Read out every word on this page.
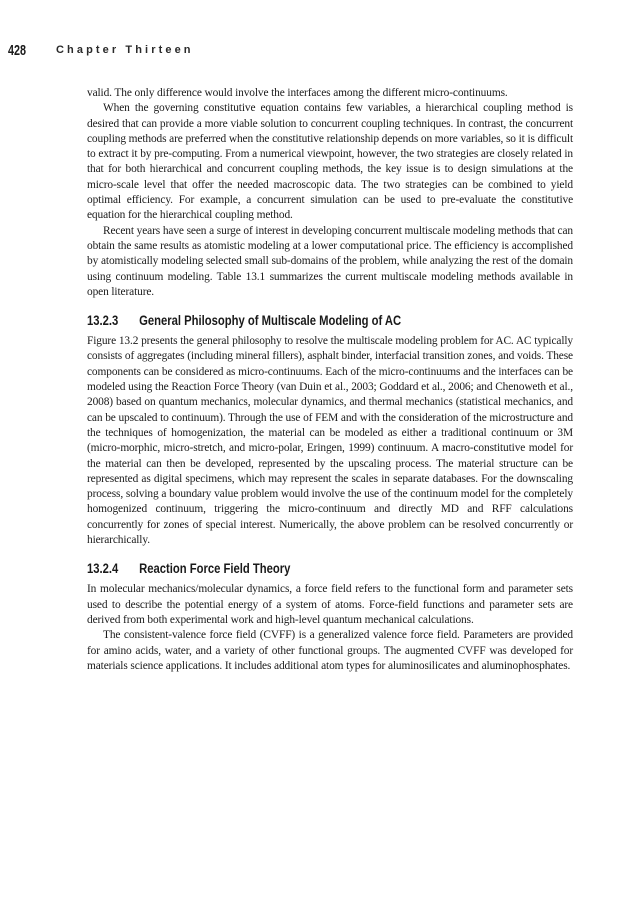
428	Chapter Thirteen

valid. The only difference would involve the interfaces among the different micro-continuums.

When the governing constitutive equation contains few variables, a hierarchical coupling method is desired that can provide a more viable solution to concurrent coupling techniques. In contrast, the concurrent coupling methods are preferred when the constitutive relationship depends on more variables, so it is difficult to extract it by pre-computing. From a numerical viewpoint, however, the two strategies are closely related in that for both hierarchical and concurrent coupling methods, the key issue is to design simulations at the micro-scale level that offer the needed macroscopic data. The two strategies can be combined to yield optimal efficiency. For example, a concurrent simulation can be used to pre-evaluate the constitutive equation for the hierarchical coupling method.

Recent years have seen a surge of interest in developing concurrent multiscale modeling methods that can obtain the same results as atomistic modeling at a lower computational price. The efficiency is accomplished by atomistically modeling selected small sub-domains of the problem, while analyzing the rest of the domain using continuum modeling. Table 13.1 summarizes the current multiscale modeling methods available in open literature.

13.2.3 General Philosophy of Multiscale Modeling of AC

Figure 13.2 presents the general philosophy to resolve the multiscale modeling problem for AC. AC typically consists of aggregates (including mineral fillers), asphalt binder, interfacial transition zones, and voids. These components can be considered as micro-continuums. Each of the micro-continuums and the interfaces can be modeled using the Reaction Force Theory (van Duin et al., 2003; Goddard et al., 2006; and Chenoweth et al., 2008) based on quantum mechanics, molecular dynamics, and thermal mechanics (statistical mechanics, and can be upscaled to continuum). Through the use of FEM and with the consideration of the microstructure and the techniques of homogenization, the material can be modeled as either a traditional continuum or 3M (micro-morphic, micro-stretch, and micro-polar, Eringen, 1999) continuum. A macro-constitutive model for the material can then be developed, represented by the upscaling process. The material structure can be represented as digital specimens, which may represent the scales in separate databases. For the downscaling process, solving a boundary value problem would involve the use of the continuum model for the completely homogenized continuum, triggering the micro-continuum and directly MD and RFF calculations concurrently for zones of special interest. Numerically, the above problem can be resolved concurrently or hierarchically.

13.2.4 Reaction Force Field Theory

In molecular mechanics/molecular dynamics, a force field refers to the functional form and parameter sets used to describe the potential energy of a system of atoms. Force-field functions and parameter sets are derived from both experimental work and high-level quantum mechanical calculations.

The consistent-valence force field (CVFF) is a generalized valence force field. Parameters are provided for amino acids, water, and a variety of other functional groups. The augmented CVFF was developed for materials science applications. It includes additional atom types for aluminosilicates and aluminophosphates.
